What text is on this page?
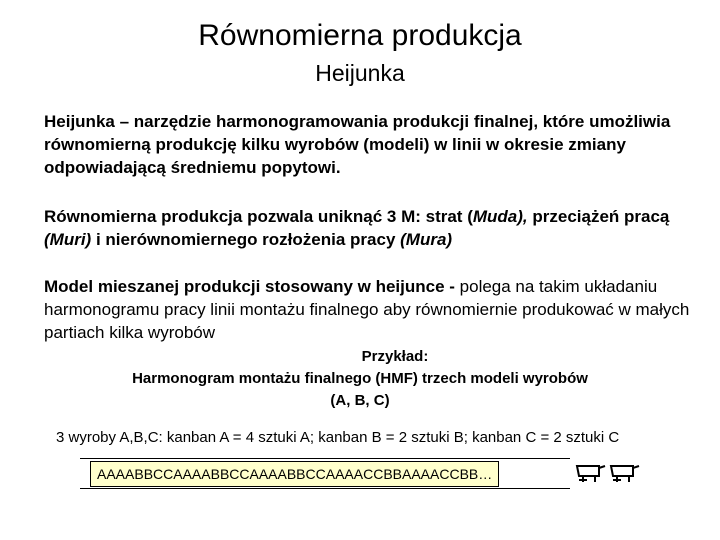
Równomierna produkcja
Heijunka
Heijunka – narzędzie harmonogramowania produkcji finalnej, które umożliwia równomierną produkcję kilku wyrobów (modeli) w linii w okresie zmiany odpowiadającą średniemu popytowi.
Równomierna produkcja pozwala uniknąć 3 M: strat (Muda), przeciążeń pracą (Muri) i nierównomiernego rozłożenia pracy (Mura)
Model mieszanej produkcji stosowany w heijunce - polega na takim układaniu harmonogramu pracy linii montażu finalnego aby równomiernie produkować w małych partiach kilka wyrobów
Przykład:
Harmonogram montażu finalnego (HMF) trzech modeli wyrobów
(A, B, C)
3 wyroby A,B,C: kanban A = 4 sztuki A; kanban B = 2 sztuki B; kanban C = 2 sztuki C
AAAABBCCAAAABBCCAAAABBCCAAAACCBBAAAACCBB…
